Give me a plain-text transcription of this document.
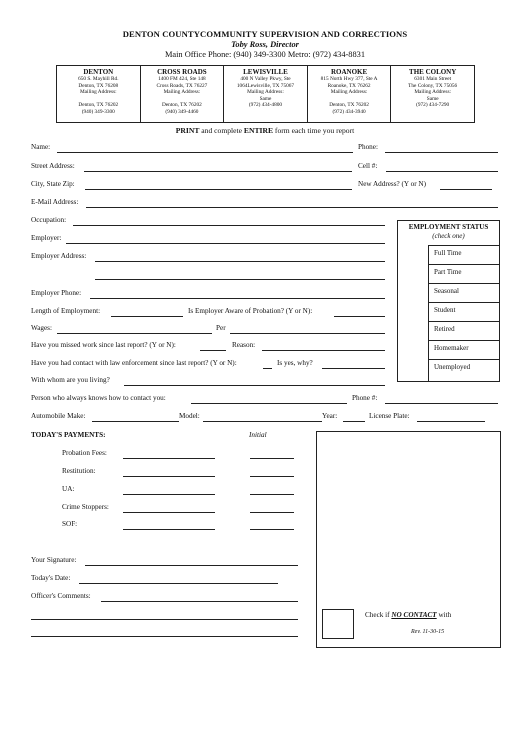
DENTON COUNTYCOMMUNITY SUPERVISION AND CORRECTIONS
Toby Ross, Director
Main Office Phone: (940) 349-3300 Metro: (972) 434-8831
DENTON
650 S. Mayhill Rd.
Denton, TX 76208
Mailing Address:
Denton, TX 76202
(940) 349-3300
CROSS ROADS
1400 FM 424, Ste 148
Cross Roads, TX 76227
Mailing Address:
Denton, TX 76202
(940) 349-4460
LEWISVILLE
400 N Valley Pkwy, Ste
1064Lewisville, TX 75067
Mailing Address:
Same
(972) 434-4800
ROANOKE
815 North Hwy 377, Ste A
Roanoke, TX 76262
Mailing Address:
Denton, TX 76202
(972) 434-3940
THE COLONY
6301 Main Street
The Colony, TX 75056
Mailing Address:
Same
(972) 434-7290
PRINT and complete ENTIRE form each time you report
Name:	Phone:
Street Address:	Cell #:
City, State Zip:	New Address? (Y or N)
E-Mail Address:
Occupation:
Employer:
Employer Address:
Employer Phone:
Length of Employment:	Is Employer Aware of Probation? (Y or N):
Wages:	Per
Have you missed work since last report? (Y or N):	Reason:
Have you had contact with law enforcement since last report? (Y or N):	Is yes, why?
With whom are you living?
Person who always knows how to contact you:	Phone #:
Automobile Make:	Model:	Year:	License Plate:
EMPLOYMENT STATUS
(check one)
Full Time
Part Time
Seasonal
Student
Retired
Homemaker
Unemployed
TODAY'S PAYMENTS:	Initial
Probation Fees:
Restitution:
UA:
Crime Stoppers:
SOF:
Your Signature:
Today's Date:
Officer's Comments:
Check if NO CONTACT with
Rev. 11-30-15
